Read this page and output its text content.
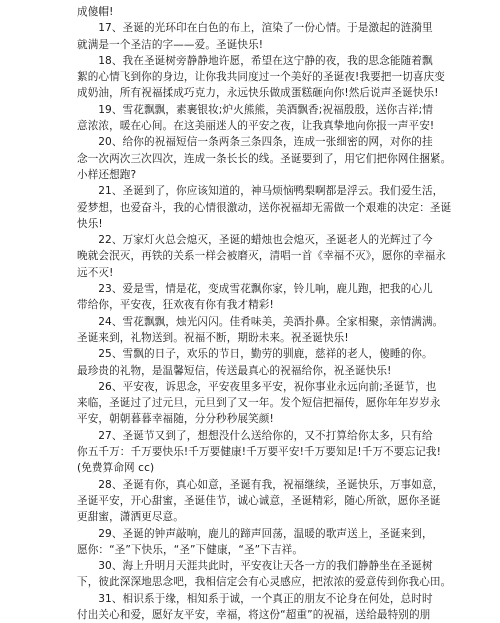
成傻帽!
17、圣诞的光环印在白色的布上，渲染了一份心情。于是激起的涟漪里
就满是一个圣洁的字——爱。圣诞快乐!
18、我在圣诞树旁静静地许愿，希望在这宁静的夜，我的思念能随着飘
絮的心情飞到你的身边，让你我共同度过一个美好的圣诞夜!我要把一切喜庆变
成奶油，所有祝福揉成巧克力，永远快乐做成蛋糕砸向你!然后说声圣诞快乐!
19、雪花飘飘，素裹银妆;炉火熊熊，美酒飘香;祝福殷殷，送你吉祥;情
意浓浓，暖在心间。在这美丽迷人的平安之夜，让我真挚地向你报一声平安!
20、给你的祝福短信一条两条三条四条，连成一张细密的网，对你的挂
念一次两次三次四次，连成一条长长的线。圣诞要到了，用它们把你网住捆紧。
小样还想跑?
21、圣诞到了，你应该知道的，神马烦恼鸭梨啊都是浮云。我们爱生活，
爱梦想，也爱奋斗，我的心情很激动，送你祝福却无需做一个艰难的决定：圣诞
快乐!
22、万家灯火总会熄灭，圣诞的蜡烛也会熄灭，圣诞老人的光辉过了今
晚就会泯灭，再铁的关系一样会被磨灭，清唱一首《幸福不灭》，愿你的幸福永
远不灭!
23、爱是雪，情是花，变成雪花飘你家，铃儿响，鹿儿跑，把我的心儿
带给你，平安夜，狂欢夜有你有我才精彩!
24、雪花飘飘，烛光闪闪。佳肴味美，美酒扑鼻。全家相聚，亲情满满。
圣诞来到，礼物送到。祝福不断，期盼未来。祝圣诞快乐!
25、雪飘的日子，欢乐的节日，勤劳的驯鹿，慈祥的老人，傻睡的你。
最珍贵的礼物，是温馨短信，传送最真心的祝福给你，祝圣诞快乐!
26、平安夜，诉思念，平安夜里多平安，祝你事业永远向前;圣诞节，也
来临，圣诞过了过元旦，元旦到了又一年。发个短信把福传，愿你年年岁岁永
平安，朝朝暮暮幸福随，分分秒秒展笑颜!
27、圣诞节又到了，想想没什么送给你的，又不打算给你太多，只有给
你五千万：千万要快乐!千万要健康!千万要平安!千万要知足!千万不要忘记我!
(免费算命网 cc)
28、圣诞有你，真心如意，圣诞有我，祝福继续，圣诞快乐，万事如意，
圣诞平安，开心甜蜜，圣诞佳节，诚心诚意，圣诞精彩，随心所欲，愿你圣诞
更甜蜜，潇洒更尽意。
29、圣诞的钟声敲响，鹿儿的蹄声回荡，温暖的歌声送上，圣诞来到，
愿你：“圣”下快乐，“圣”下健康，“圣”下吉祥。
30、海上升明月天涯共此时，平安夜让天各一方的我们静静坐在圣诞树
下，彼此深深地思念吧，我相信定会有心灵感应，把浓浓的爱意传到你我心田。
31、相识系于缘，相知系于诚，一个真正的朋友不论身在何处，总时时
付出关心和爱，愿好友平安，幸福，将这份“超重”的祝福，送给最特别的朋
